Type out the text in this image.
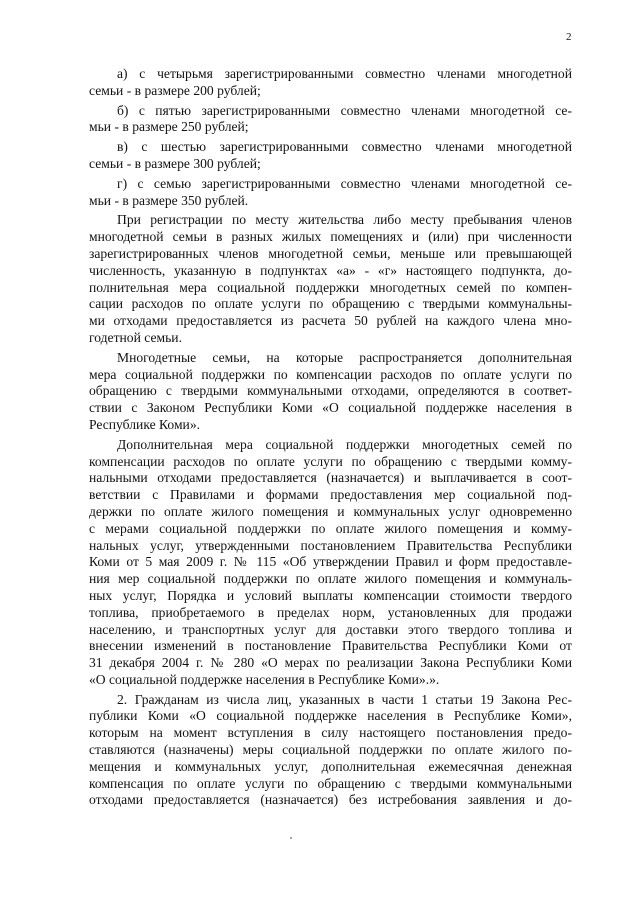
2
а) с четырьмя зарегистрированными совместно членами многодетной
семьи - в размере 200 рублей;
б) с пятью зарегистрированными совместно членами многодетной се-
мьи - в размере 250 рублей;
в) с шестью зарегистрированными совместно членами многодетной
семьи - в размере 300 рублей;
г) с семью зарегистрированными совместно членами многодетной се-
мьи - в размере 350 рублей.
При регистрации по месту жительства либо месту пребывания членов
многодетной семьи в разных жилых помещениях и (или) при численности
зарегистрированных членов многодетной семьи, меньше или превышающей
численность, указанную в подпунктах «а» - «г» настоящего подпункта, до-
полнительная мера социальной поддержки многодетных семей по компен-
сации расходов по оплате услуги по обращению с твердыми коммунальны-
ми отходами предоставляется из расчета 50 рублей на каждого члена мно-
годетной семьи.
Многодетные семьи, на которые распространяется дополнительная
мера социальной поддержки по компенсации расходов по оплате услуги по
обращению с твердыми коммунальными отходами, определяются в соответ-
ствии с Законом Республики Коми «О социальной поддержке населения в
Республике Коми».
Дополнительная мера социальной поддержки многодетных семей по
компенсации расходов по оплате услуги по обращению с твердыми комму-
нальными отходами предоставляется (назначается) и выплачивается в соот-
ветствии с Правилами и формами предоставления мер социальной под-
держки по оплате жилого помещения и коммунальных услуг одновременно
с мерами социальной поддержки по оплате жилого помещения и комму-
нальных услуг, утвержденными постановлением Правительства Республики
Коми от 5 мая 2009 г. № 115 «Об утверждении Правил и форм предоставле-
ния мер социальной поддержки по оплате жилого помещения и коммуналь-
ных услуг, Порядка и условий выплаты компенсации стоимости твердого
топлива, приобретаемого в пределах норм, установленных для продажи
населению, и транспортных услуг для доставки этого твердого топлива и
внесении изменений в постановление Правительства Республики Коми от
31 декабря 2004 г. № 280 «О мерах по реализации Закона Республики Коми
«О социальной поддержке населения в Республике Коми».».
2. Гражданам из числа лиц, указанных в части 1 статьи 19 Закона Рес-
публики Коми «О социальной поддержке населения в Республике Коми»,
которым на момент вступления в силу настоящего постановления предо-
ставляются (назначены) меры социальной поддержки по оплате жилого по-
мещения и коммунальных услуг, дополнительная ежемесячная денежная
компенсация по оплате услуги по обращению с твердыми коммунальными
отходами предоставляется (назначается) без истребования заявления и до-
